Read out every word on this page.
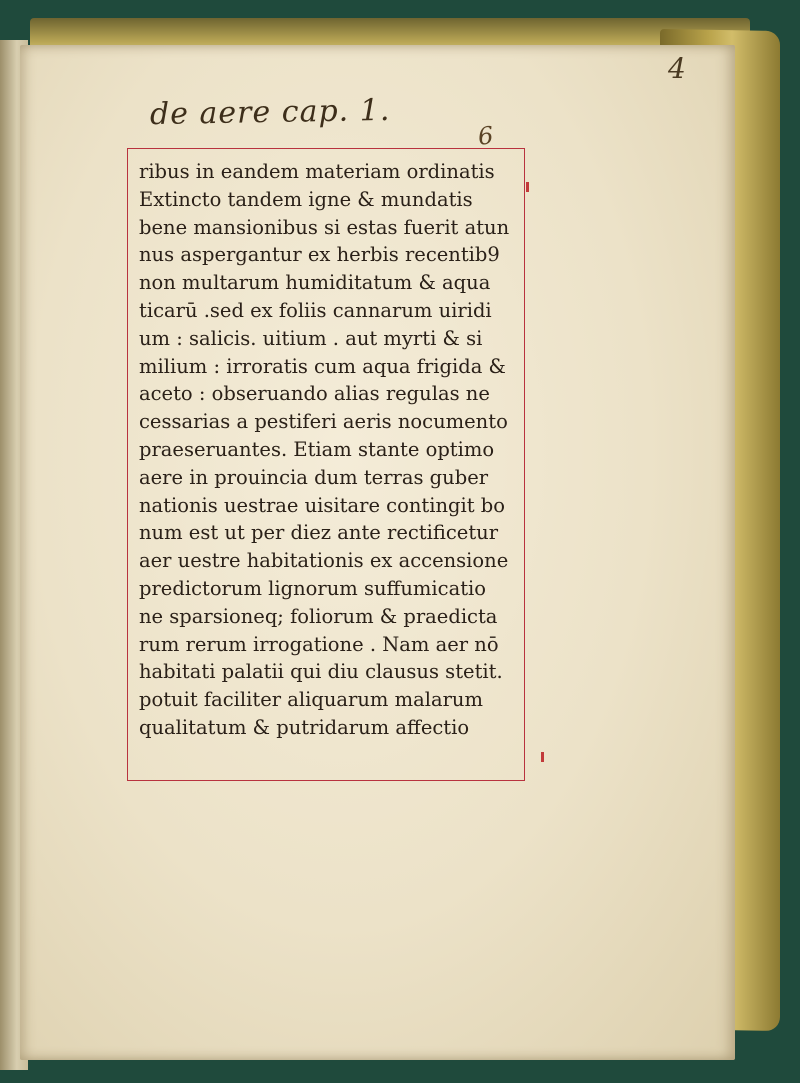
4
de aere cap. 1.
6
ribus in eandem materiam ordinatis
Extincto tandem igne & mundatis
bene mansionibus si estas fuerit atun
nus aspergantur ex herbis recentib9
non multarum humiditatum & aqua
ticarū .sed ex foliis cannarum uiridi
um : salicis. uitium . aut myrti & si
milium : irroratis cum aqua frigida &
aceto : obseruando alias regulas ne
cessarias a pestiferi aeris nocumento
praeseruantes. Etiam stante optimo
aere in prouincia dum terras guber
nationis uestrae uisitare contingit bo
num est ut per diez ante rectificetur
aer uestre habitationis ex accensione
predictorum lignorum suffumicatio
ne sparsioneq; foliorum & praedicta
rum rerum irrogatione . Nam aer nō
habitati palatii qui diu clausus stetit.
potuit faciliter aliquarum malarum
qualitatum & putridarum affectio
